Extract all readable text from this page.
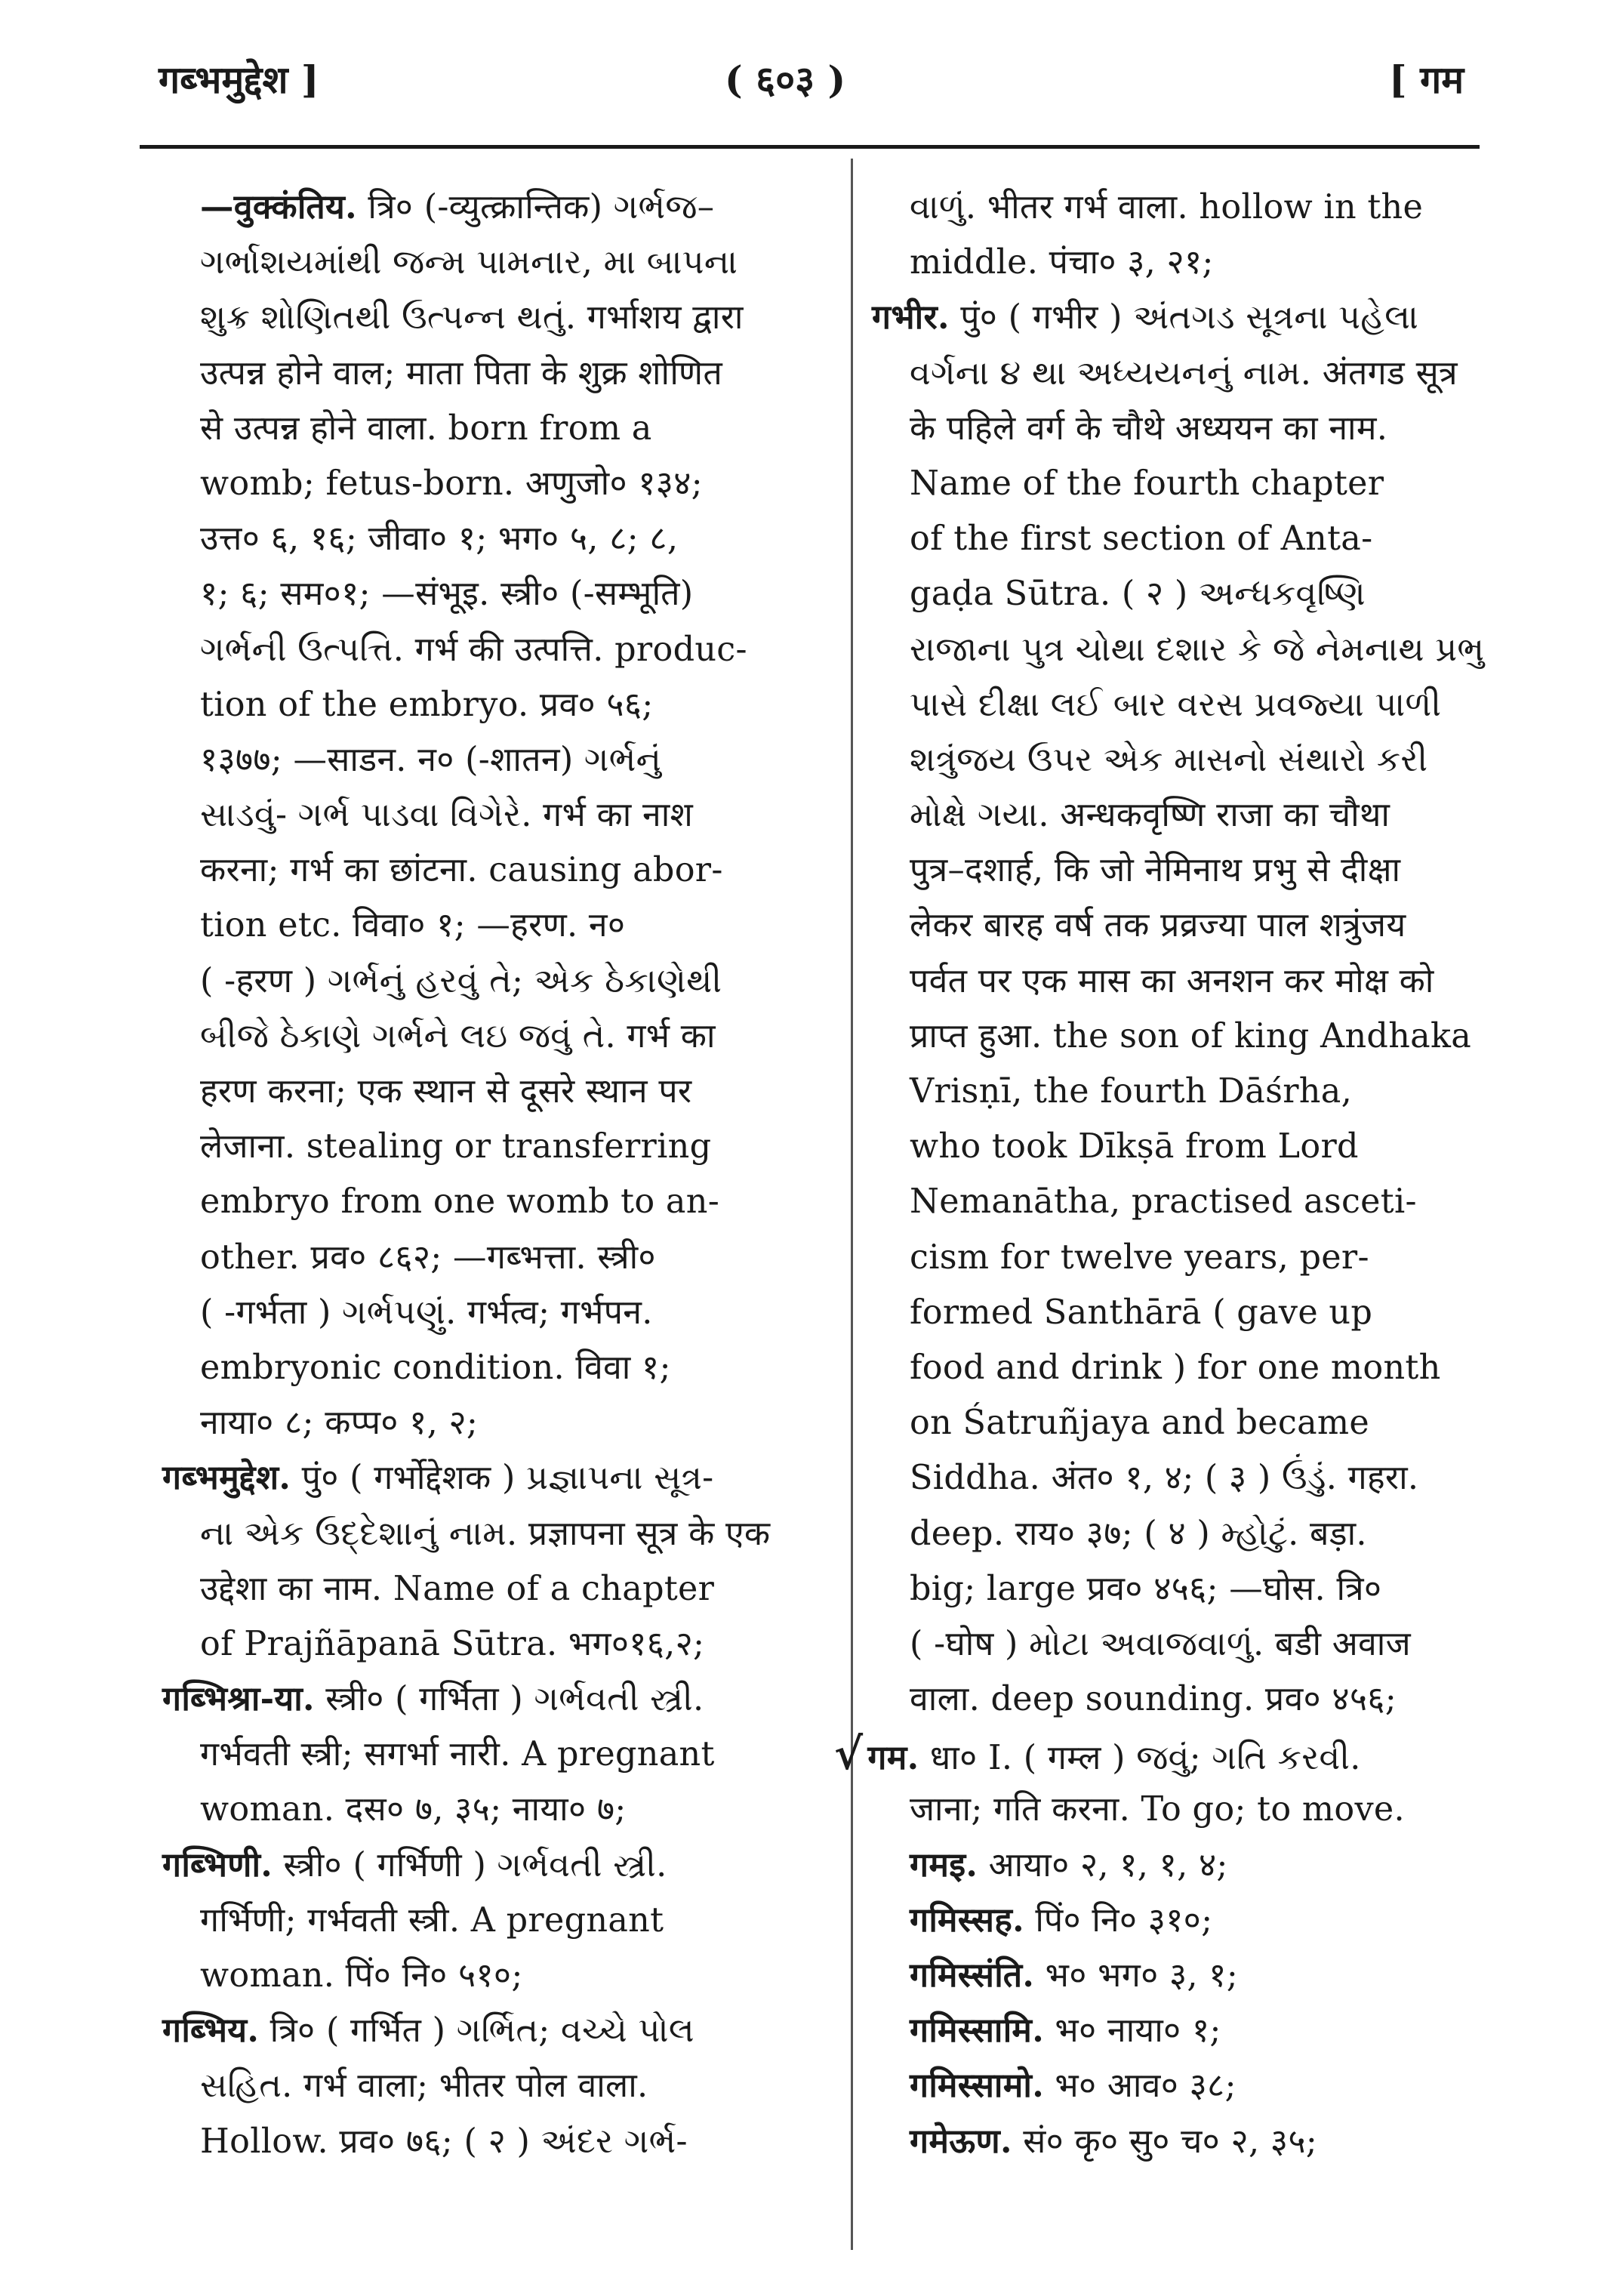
गब्भमुद्देश ]	( ६०३ )	[ गम
—वुक्कंतिय. त्रि० (-व्युत्क्रान्तिक) ગર્ભજ–
ગર્ભાશયમાંથી જન્મ પામનાર, મા બાપના
શુક્ર શોણિતથી ઉત્પન્ન થતું. गर्भाशय द्वारा
उत्पन्न होने वाल; माता पिता के शुक्र शोणित
से उत्पन्न होने वाला. born from a
womb; fetus-born. अणुजो० १३४;
उत्त० ६, १६; जीवा० १; भग० ५, ८; ८,
१; ६; सम०१; —संभूइ. स्त्री० (-सम्भूति)
ગર્ભની ઉત્પત્તિ. गर्भ की उत्पत्ति. produc-
tion of the embryo. प्रव० ५६;
१३७७; —साडन. न० (-शातन) ગર્ભનું
સાડવું- ગર્ભ પાડવા વિગેરે. गर्भ का नाश
करना; गर्भ का छांटना. causing abor-
tion etc. विवा० १; —हरण. न०
( -हरण ) ગર્ભનું હરવું તે; એક ઠેકાણેથી
બીજે ઠેકાણે ગર્ભને લઇ જવું તે. गर्भ का
हरण करना; एक स्थान से दूसरे स्थान पर
लेजाना. stealing or transferring
embryo from one womb to an-
other. प्रव० ८६२; —गब्भत्ता. स्त्री०
( -गर्भता ) ગર્ભપણું. गर्भत्व; गर्भपन.
embryonic condition. विवा १;
नाया० ८; कप्प० १, २;
गब्भमुद्देश. पुं० ( गर्भोद्देशक ) પ્રજ્ઞાપના સૂત્ર-
ના એક ઉદ્દેશાનું નામ. प्रज्ञापना सूत्र के एक
उद्देशा का नाम. Name of a chapter
of Prajñāpanā Sūtra. भग०१६,२;
गब्भिश्रा-या. स्त्री० ( गर्भिता ) ગર્ભવતી સ્ત્રી.
गर्भवती स्त्री; सगर्भा नारी. A pregnant
woman. दस० ७, ३५; नाया० ७;
गब्भिणी. स्त्री० ( गर्भिणी ) ગર્ભવતી સ્ત્રી.
गर्भिणी; गर्भवती स्त्री. A pregnant
woman. पिं० नि० ५१०;
गब्भिय. त्रि० ( गर्भित ) ગર્ભિત; વચ્ચે પોલ
સહિત. गर्भ वाला; भीतर पोल वाला.
Hollow. प्रव० ७६; ( २ ) અંદર ગર્ભ-
વાળું. भीतर गर्भ वाला. hollow in the
middle. पंचा० ३, २१;
गभीर. पुं० ( गभीर ) અંતગડ સૂત્રના પહેલા
વર્ગના ૪ થા અધ્યયનનું નામ. अंतगड सूत्र
के पहिले वर्ग के चौथे अध्ययन का नाम.
Name of the fourth chapter
of the first section of Anta-
gaḍa Sūtra. ( २ ) અન્ધકવૃષ્ણિ
રાજાના પુત્ર ચોથા દશાર કે જે નેમનાથ પ્રભુ
પાસે દીક્ષા લઈ બાર વરસ પ્રવજ્યા પાળી
શત્રુંજય ઉપર એક માસનો સંથારો કરી
મોક્ષે ગયા. अन्धकवृष्णि राजा का चौथा
पुत्र–दशार्ह, कि जो नेमिनाथ प्रभु से दीक्षा
लेकर बारह वर्ष तक प्रव्रज्या पाल शत्रुंजय
पर्वत पर एक मास का अनशन कर मोक्ष को
प्राप्त हुआ. the son of king Andhaka
Vrisṇī, the fourth Dāśrha,
who took Dīkṣā from Lord
Nemanātha, practised asceti-
cism for twelve years, per-
formed Santhārā ( gave up
food and drink ) for one month
on Śatruñjaya and became
Siddha. अंत० १, ४; ( ३ ) ઉંડું. गहरा.
deep. राय० ३७; ( ४ ) મ્હોટું. बड़ा.
big; large प्रव० ४५६; —घोस. त्रि०
( -घोष ) મોટા અવાજવાળું. बडी अवाज
वाला. deep sounding. प्रव० ४५६;
√ गम. धा० I. ( गम्ल ) જવું; ગતિ કરવી.
जाना; गति करना. To go; to move.
गमइ. आया० २, १, १, ४;
गमिस्सह. पिं० नि० ३१०;
गमिस्संति. भ० भग० ३, १;
गमिस्सामि. भ० नाया० १;
गमिस्सामो. भ० आव० ३८;
गमेऊण. सं० कृ० सु० च० २, ३५;
